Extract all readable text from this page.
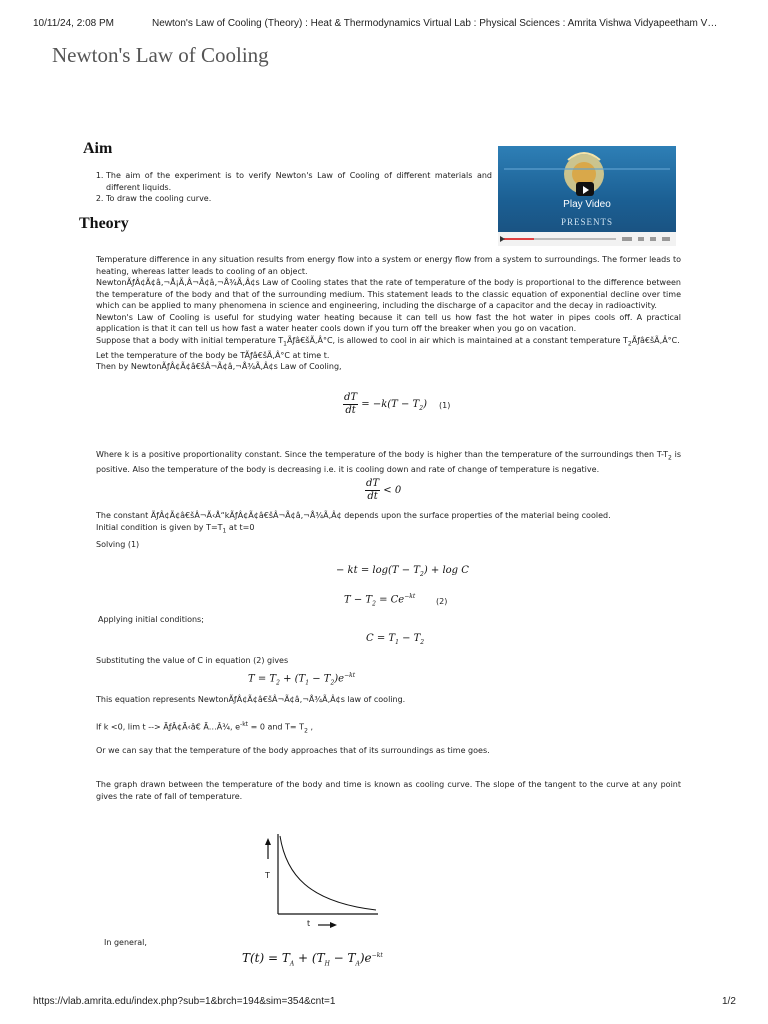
10/11/24, 2:08 PM	Newton's Law of Cooling (Theory) : Heat & Thermodynamics Virtual Lab : Physical Sciences : Amrita Vishwa Vidyapeetham V…
Newton's Law of Cooling
Aim
1. The aim of the experiment is to verify Newton's Law of Cooling of different materials and different liquids.
2. To draw the cooling curve.
Play Video
PRESENTS
Theory

Temperature difference in any situation results from energy flow into a system or energy flow from a system to surroundings. The former leads to heating, whereas latter leads to cooling of an object.

NewtonÃƒÂ¢Ã¢â‚¬Å¡Ã‚Â¬Ã¢â‚¬Å¾Ã‚Â¢s Law of Cooling states that the rate of temperature of the body is proportional to the difference between the temperature of the body and that of the surrounding medium. This statement leads to the classic equation of exponential decline over time which can be applied to many phenomena in science and engineering, including the discharge of a capacitor and the decay in radioactivity.

Newton's Law of Cooling is useful for studying water heating because it can tell us how fast the hot water in pipes cools off. A practical application is that it can tell us how fast a water heater cools down if you turn off the breaker when you go on vacation.

Suppose that a body with initial temperature $T_1Ãƒâ€šÃ‚Â^\circ C$, is allowed to cool in air which is maintained at a constant temperature $T_2Ãƒâ€šÃ‚Â^\circ C$.

Let the temperature of the body be TÃƒâ€šÃ‚Â°C at time t.

Then by NewtonÃƒÂ¢Ã¢â€šÂ¬Ã¢â‚¬Å¾Ã‚Â¢s Law of Cooling,

$\frac{dT}{dt} = -k(T - T_2)$ (1)

Where k is a positive proportionality constant. Since the temperature of the body is higher than the temperature of the surroundings then $T-T_2$ is positive. Also the temperature of the body is decreasing i.e. it is cooling down and rate of change of temperature is negative.

$\frac{dT}{dt} < 0$

The constant ÃƒÂ¢Ã¢â€šÂ¬Ã‹Å“kÃƒÂ¢Ã¢â€šÂ¬Ã¢â‚¬Å¾Ã‚Â¢ depends upon the surface properties of the material being cooled.

Initial condition is given by $T=T_1$ at t=0

Solving (1)

− kt = $\log(T - T_2) + \log C$
$T - T_2 = Ce^{-kt}$
(2)
Applying initial conditions;
$C = T_1 - T_2$
Substituting the value of C in equation (2) gives
$T = T_2 + (T_1 - T_2)e^{-kt}$
This equation represents NewtonÃƒÂ¢Ã¢â€šÂ¬Ã¢â‚¬Å¾Ã‚Â¢s law of cooling.
If k <0, lim t --> ÃƒÂ¢Ã‹â€ Ã…Â¾, $e^{-kt} = 0$ and $T= T_2$ ,
Or we can say that the temperature of the body approaches that of its surroundings as time goes.
The graph drawn between the temperature of the body and time is known as cooling curve. The slope of the tangent to the curve at any point gives the rate of fall of temperature.
T
t
In general,
$T(t) = T_A + (T_H - T_A)e^{-kt}$
https://vlab.amrita.edu/index.php?sub=1&brch=194&sim=354&cnt=1	1/2
